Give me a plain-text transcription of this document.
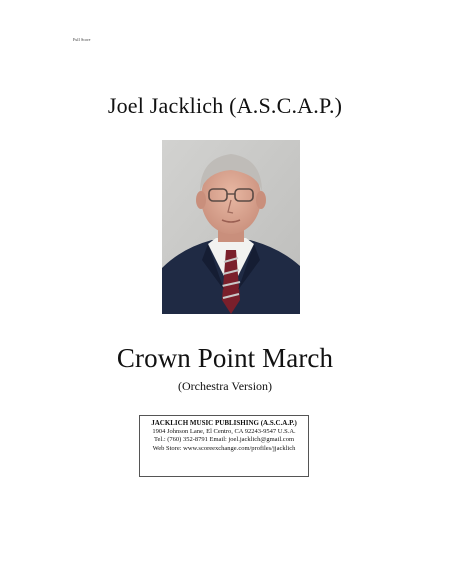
Full Score
Joel Jacklich (A.S.C.A.P.)
Crown Point March
(Orchestra Version)
JACKLICH MUSIC PUBLISHING (A.S.C.A.P.)
1904 Johnson Lane, El Centro, CA 92243-9547 U.S.A.
Tel.: (760) 352-8791 Email: joel.jacklich@gmail.com
Web Store: www.scoreexchange.com/profiles/jjacklich
